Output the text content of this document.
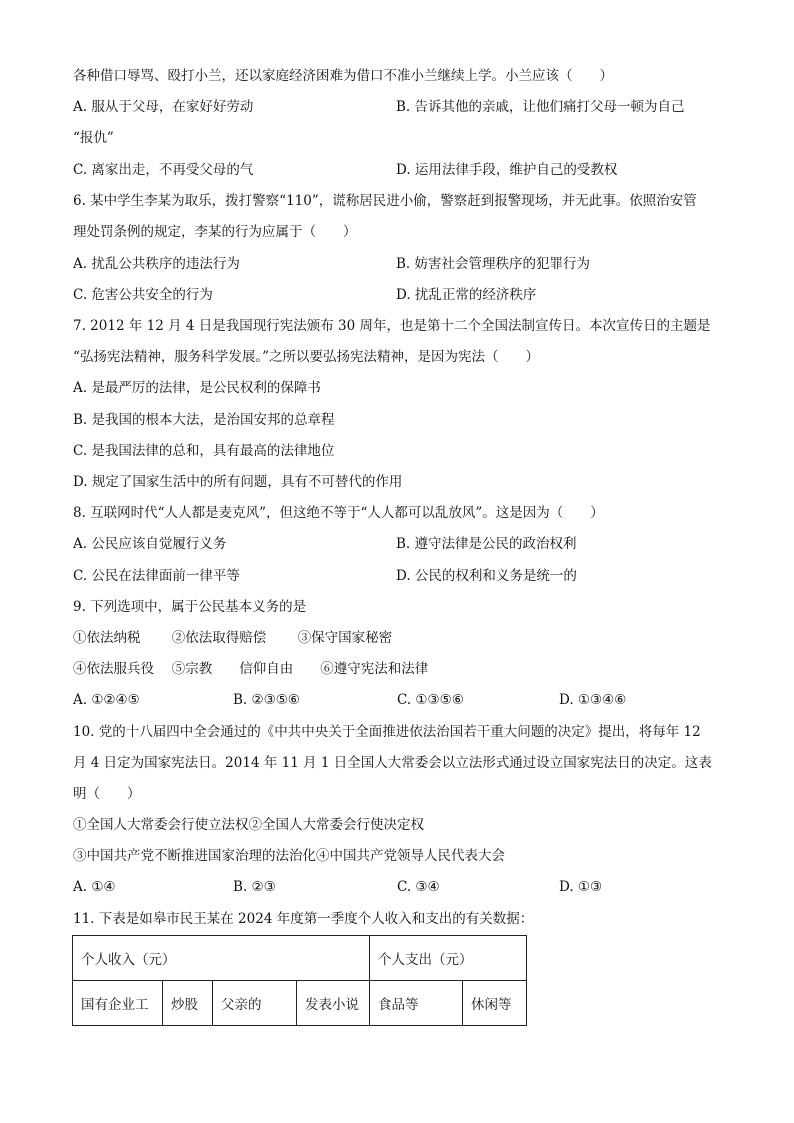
各种借口辱骂、殴打小兰，还以家庭经济困难为借口不准小兰继续上学。小兰应该（　　）
A. 服从于父母，在家好好劳动	B. 告诉其他的亲戚，让他们痛打父母一顿为自己
“报仇”
C. 离家出走，不再受父母的气	D. 运用法律手段，维护自己的受教权
6. 某中学生李某为取乐，拨打警察“110”，谎称居民进小偷，警察赶到报警现场，并无此事。依照治安管
理处罚条例的规定，李某的行为应属于（　　）
A. 扰乱公共秩序的违法行为	B. 妨害社会管理秩序的犯罪行为
C. 危害公共安全的行为	D. 扰乱正常的经济秩序
7. 2012 年 12 月 4 日是我国现行宪法颁布 30 周年，也是第十二个全国法制宣传日。本次宣传日的主题是
“弘扬宪法精神，服务科学发展。”之所以要弘扬宪法精神，是因为宪法（　　）
A. 是最严厉的法律，是公民权利的保障书
B. 是我国的根本大法，是治国安邦的总章程
C. 是我国法律的总和，具有最高的法律地位
D. 规定了国家生活中的所有问题，具有不可替代的作用
8. 互联网时代“人人都是麦克风”，但这绝不等于“人人都可以乱放风”。这是因为（　　）
A. 公民应该自觉履行义务	B. 遵守法律是公民的政治权利
C. 公民在法律面前一律平等	D. 公民的权利和义务是统一的
9. 下列选项中，属于公民基本义务的是
①依法纳税　　 ②依法取得赔偿　　 ③保守国家秘密
④依法服兵役　 ⑤宗教　　信仰自由　　⑥遵守宪法和法律
A. ①②④⑤	B. ②③⑤⑥	C. ①③⑤⑥	D. ①③④⑥
10. 党的十八届四中全会通过的《中共中央关于全面推进依法治国若干重大问题的决定》提出，将每年 12
月 4 日定为国家宪法日。2014 年 11 月 1 日全国人大常委会以立法形式通过设立国家宪法日的决定。这表
明（　　）
①全国人大常委会行使立法权②全国人大常委会行使决定权
③中国共产党不断推进国家治理的法治化④中国共产党领导人民代表大会
A. ①④	B. ②③	C. ③④	D. ①③
11. 下表是如皋市民王某在 2024 年度第一季度个人收入和支出的有关数据：
个人收入（元）				个人支出（元）	
国有企业工	炒股	父亲的	发表小说	食品等	休闲等
